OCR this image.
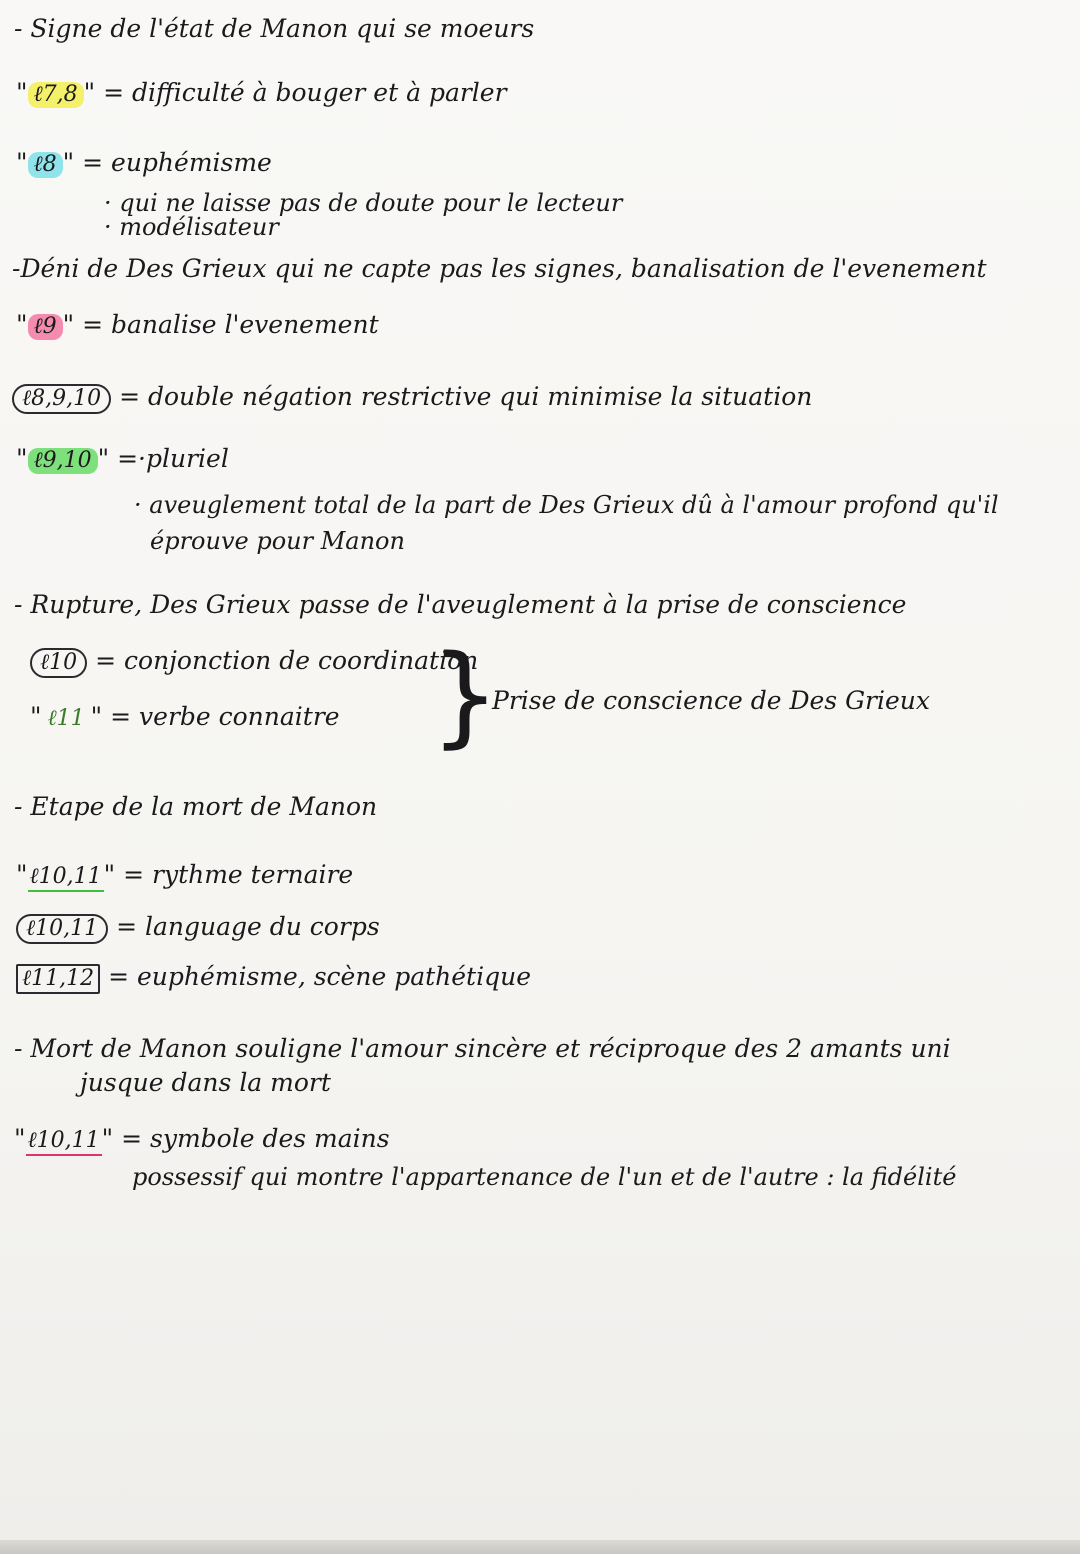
- Signe de l'état de Manon qui se moeurs
" ℓ7,8 " = difficulté à bouger et à parler
" ℓ8 " = euphémisme
· qui ne laisse pas de doute pour le lecteur
· modélisateur
-Déni de Des Grieux qui ne capte pas les signes, banalisation de l'evenement
" ℓ9 " = banalise l'evenement
ℓ8,9,10 = double négation restrictive qui minimise la situation
" ℓ9,10 " =·pluriel
· aveuglement total de la part de Des Grieux dû à l'amour profond qu'il
éprouve pour Manon
- Rupture, Des Grieux passe de l'aveuglement à la prise de conscience
ℓ10 = conjonction de coordination
" ℓ11 " = verbe connaitre }
Prise de conscience de Des Grieux
- Etape de la mort de Manon
"ℓ10,11" = rythme ternaire
ℓ10,11 = language du corps
ℓ11,12 = euphémisme, scène pathétique
- Mort de Manon souligne l'amour sincère et réciproque des 2 amants uni
jusque dans la mort
"ℓ10,11" = symbole des mains
possessif qui montre l'appartenance de l'un et de l'autre : la fidélité
